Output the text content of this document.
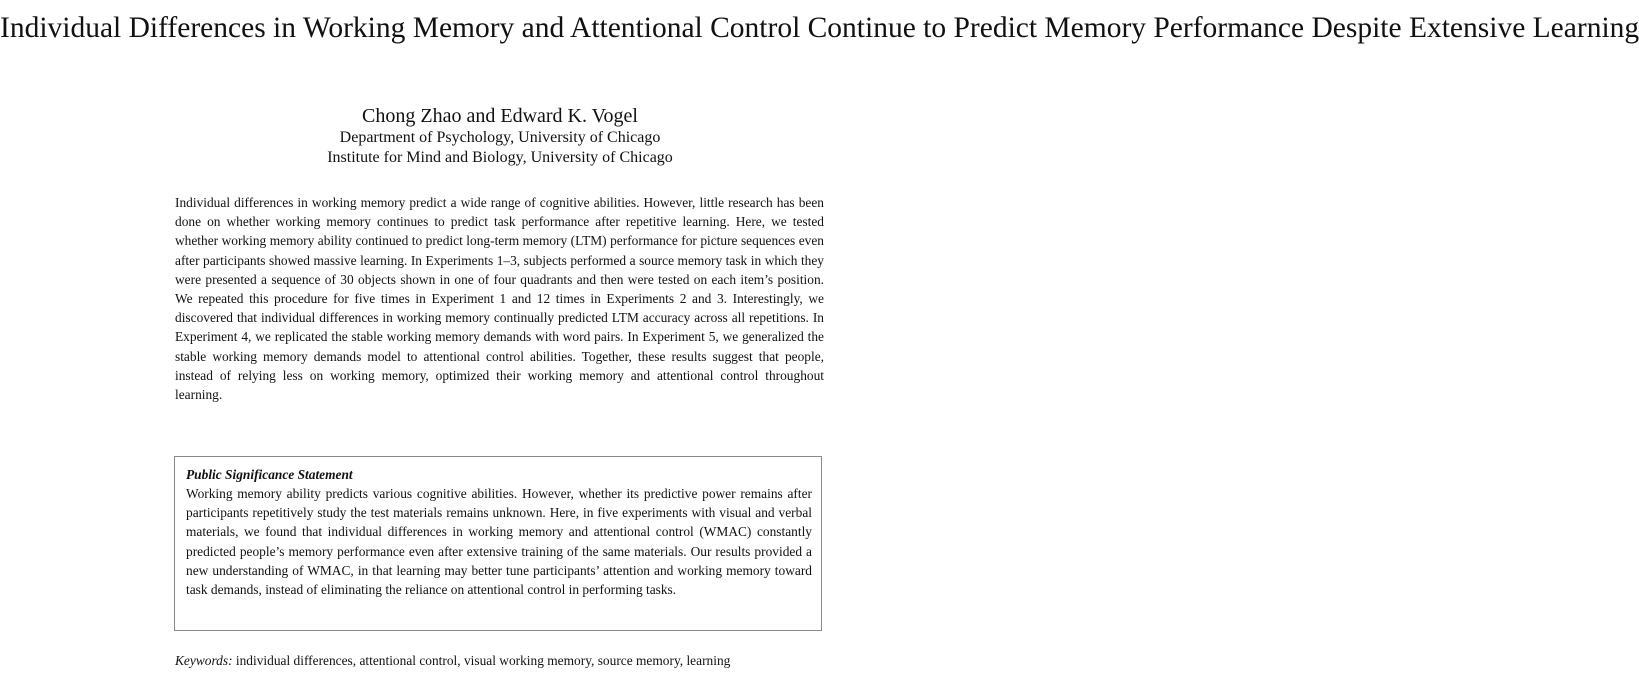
Individual Differences in Working Memory and Attentional Control Continue to Predict Memory Performance Despite Extensive Learning
Chong Zhao and Edward K. Vogel
Department of Psychology, University of Chicago
Institute for Mind and Biology, University of Chicago

Individual differences in working memory predict a wide range of cognitive abilities. However, little research has been done on whether working memory continues to predict task performance after repetitive learning. Here, we tested whether working memory ability continued to predict long-term memory (LTM) performance for picture sequences even after participants showed massive learning. In Experiments 1–3, subjects performed a source memory task in which they were presented a sequence of 30 objects shown in one of four quadrants and then were tested on each item’s position. We repeated this procedure for five times in Experiment 1 and 12 times in Experiments 2 and 3. Interestingly, we discovered that individual differences in working memory continually predicted LTM accuracy across all repetitions. In Experiment 4, we replicated the stable working memory demands with word pairs. In Experiment 5, we generalized the stable working memory demands model to attentional control abilities. Together, these results suggest that people, instead of relying less on working memory, optimized their working memory and attentional control throughout learning.

Public Significance Statement

Working memory ability predicts various cognitive abilities. However, whether its predictive power remains after participants repetitively study the test materials remains unknown. Here, in five experiments with visual and verbal materials, we found that individual differences in working memory and attentional control (WMAC) constantly predicted people’s memory performance even after extensive training of the same materials. Our results provided a new understanding of WMAC, in that learning may better tune participants’ attention and working memory toward task demands, instead of eliminating the reliance on attentional control in performing tasks.

Keywords: individual differences, attentional control, visual working memory, source memory, learning
